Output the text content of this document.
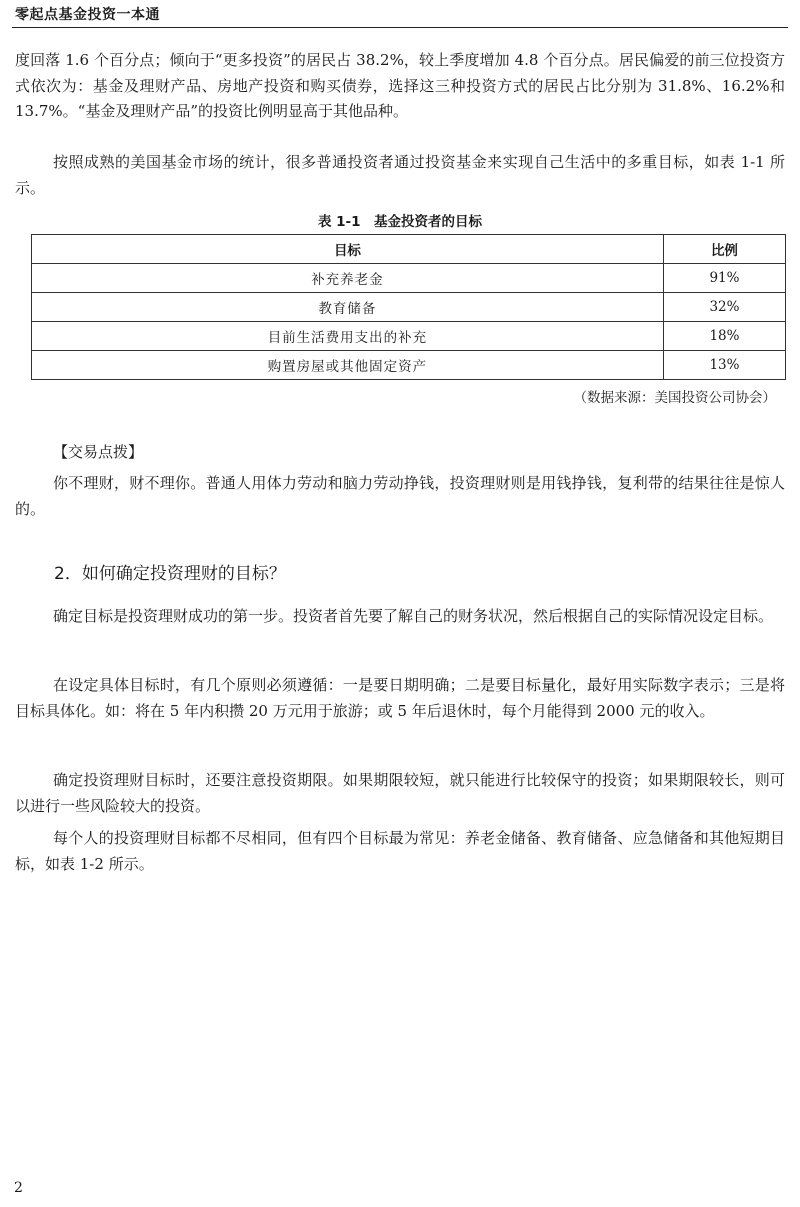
零起点基金投资一本通

度回落 1.6 个百分点；倾向于“更多投资”的居民占 38.2%，较上季度增加 4.8 个百分点。居民偏爱的前三位投资方式依次为：基金及理财产品、房地产投资和购买债券，选择这三种投资方式的居民占比分别为 31.8%、16.2%和 13.7%。“基金及理财产品”的投资比例明显高于其他品种。

按照成熟的美国基金市场的统计，很多普通投资者通过投资基金来实现自己生活中的多重目标，如表 1-1 所示。

表 1-1　基金投资者的目标
目标	比例
补充养老金	91%
教育储备	32%
目前生活费用支出的补充	18%
购置房屋或其他固定资产	13%
（数据来源：美国投资公司协会）

【交易点拨】

你不理财，财不理你。普通人用体力劳动和脑力劳动挣钱，投资理财则是用钱挣钱，复利带的结果往往是惊人的。

2．如何确定投资理财的目标？

确定目标是投资理财成功的第一步。投资者首先要了解自己的财务状况，然后根据自己的实际情况设定目标。

在设定具体目标时，有几个原则必须遵循：一是要日期明确；二是要目标量化，最好用实际数字表示；三是将目标具体化。如：将在 5 年内积攒 20 万元用于旅游；或 5 年后退休时，每个月能得到 2000 元的收入。

确定投资理财目标时，还要注意投资期限。如果期限较短，就只能进行比较保守的投资；如果期限较长，则可以进行一些风险较大的投资。

每个人的投资理财目标都不尽相同，但有四个目标最为常见：养老金储备、教育储备、应急储备和其他短期目标，如表 1-2 所示。

2
